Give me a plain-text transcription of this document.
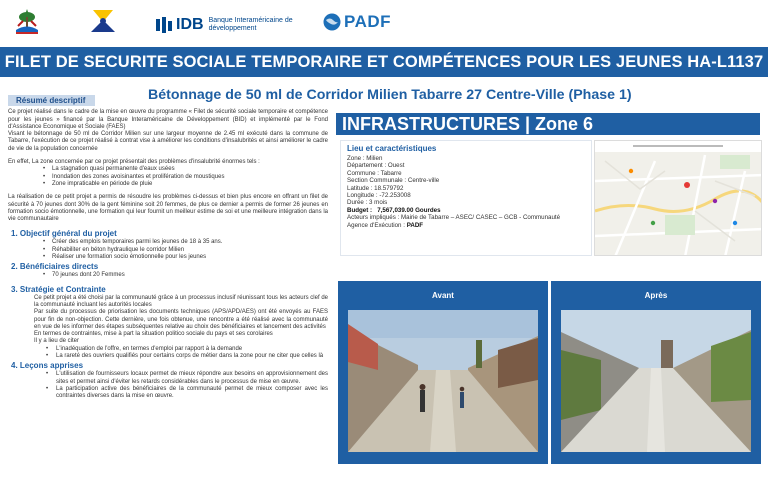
IDB Banque Interaméricaine de développement	PADF
FILET DE SECURITE SOCIALE TEMPORAIRE ET COMPÉTENCES POUR LES JEUNES HA-L1137
Bétonnage de 50 ml de Corridor Milien Tabarre 27 Centre-Ville (Phase 1)
Résumé descriptif

Ce projet réalisé dans le cadre de la mise en œuvre du programme « Filet de sécurité sociale temporaire et compétence pour les jeunes » financé par la Banque Interaméricaine de Développement (BID) et implémenté par le Fond d'Assistance Economique et Sociale (FAES)

Visant le bétonnage de 50 ml de Corridor Milien sur une largeur moyenne de 2.45 ml exécuté dans la commune de Tabarre, l'exécution de ce projet réalisé à contrat vise à améliorer les conditions d'insalubrités et ainsi améliorer le cadre de vie de la population concernée

En effet, La zone concernée par ce projet présentait des problèmes d'insalubrité énormes tels :

• La stagnation quasi permanente d'eaux usées
• Inondation des zones avoisinantes et prolifération de moustiques
• Zone impraticable en période de pluie

La réalisation de ce petit projet a permis de résoudre les problèmes ci-dessus et bien plus encore en offrant un filet de sécurité à 70 jeunes dont 30% de la gent féminine soit 20 femmes, de plus ce dernier a permis de former 26 jeunes en formation socio émotionnelle, une formation qui leur fournit un meilleur estime de soi et une meilleure intégration dans la vie communautaire

1. Objectif général du projet
• Créer des emplois temporaires parmi les jeunes de 18 à 35 ans.
• Réhabiliter en béton hydraulique le corridor Milien
• Réaliser une formation socio émotionnelle pour les jeunes
2. Bénéficiaires directs
• 70 jeunes dont 20 Femmes
3. Stratégie et Contrainte

Ce petit projet a été choisi par la communauté grâce à un processus inclusif réunissant tous les acteurs clef de la communauté incluant les autorités locales

Par suite du processus de priorisation les documents techniques (APS/APD/AES) ont été envoyés au FAES pour fin de non-objection. Cette dernière, une fois obtenue, une rencontre a été réalisé avec la communauté en vue de les informer des étapes subséquentes relative au choix des bénéficiaires et lancement des activités

En termes de contraintes, mise à part la situation politico sociale du pays et ses corolaires

Il y a lieu de citer

• L'inadéquation de l'offre, en termes d'emploi par rapport à la demande
• La rareté des ouvriers qualifiés pour certains corps de métier dans la zone pour ne citer que celles là
4. Leçons apprises
• L'utilisation de fournisseurs locaux permet de mieux répondre aux besoins en approvisionnement des sites et permet ainsi d'éviter les retards considérables dans le processus de mise en œuvre.
• La participation active des bénéficiaires de la communauté permet de mieux composer avec les contraintes diverses dans la mise en œuvre.
INFRASTRUCTURES | Zone 6
Lieu et caractéristiques
Zone : Milien
Département : Ouest
Commune : Tabarre
Section Communale : Centre-ville
Latitude : 18.579792
Longitude : -72.253008
Durée : 3 mois
Budget : 7,567,039.00 Gourdes
Acteurs impliqués : Mairie de Tabarre – ASEC/ CASEC – GCB - Communauté
Agence d'Exécution : PADF
Avant	Après
